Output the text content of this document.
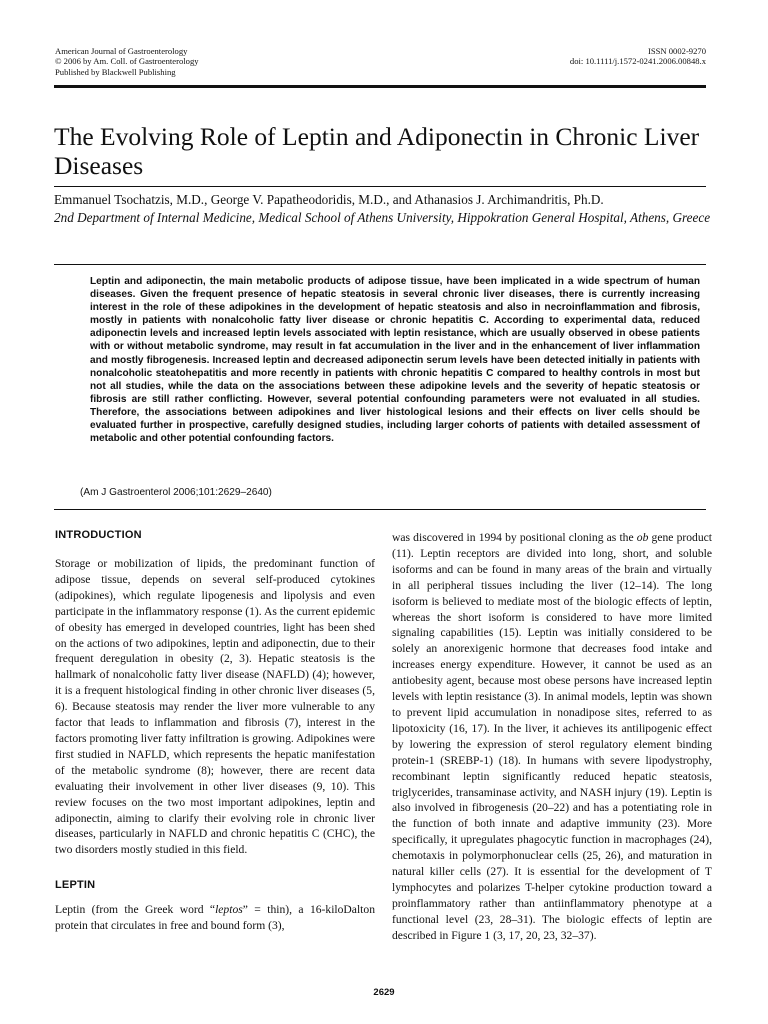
American Journal of Gastroenterology
© 2006 by Am. Coll. of Gastroenterology
Published by Blackwell Publishing
ISSN 0002-9270
doi: 10.1111/j.1572-0241.2006.00848.x
The Evolving Role of Leptin and Adiponectin in Chronic Liver Diseases
Emmanuel Tsochatzis, M.D., George V. Papatheodoridis, M.D., and Athanasios J. Archimandritis, Ph.D.
2nd Department of Internal Medicine, Medical School of Athens University, Hippokration General Hospital, Athens, Greece
Leptin and adiponectin, the main metabolic products of adipose tissue, have been implicated in a wide spectrum of human diseases. Given the frequent presence of hepatic steatosis in several chronic liver diseases, there is currently increasing interest in the role of these adipokines in the development of hepatic steatosis and also in necroinflammation and fibrosis, mostly in patients with nonalcoholic fatty liver disease or chronic hepatitis C. According to experimental data, reduced adiponectin levels and increased leptin levels associated with leptin resistance, which are usually observed in obese patients with or without metabolic syndrome, may result in fat accumulation in the liver and in the enhancement of liver inflammation and mostly fibrogenesis. Increased leptin and decreased adiponectin serum levels have been detected initially in patients with nonalcoholic steatohepatitis and more recently in patients with chronic hepatitis C compared to healthy controls in most but not all studies, while the data on the associations between these adipokine levels and the severity of hepatic steatosis or fibrosis are still rather conflicting. However, several potential confounding parameters were not evaluated in all studies. Therefore, the associations between adipokines and liver histological lesions and their effects on liver cells should be evaluated further in prospective, carefully designed studies, including larger cohorts of patients with detailed assessment of metabolic and other potential confounding factors.
(Am J Gastroenterol 2006;101:2629–2640)
INTRODUCTION

Storage or mobilization of lipids, the predominant function of adipose tissue, depends on several self-produced cytokines (adipokines), which regulate lipogenesis and lipolysis and even participate in the inflammatory response (1). As the current epidemic of obesity has emerged in developed countries, light has been shed on the actions of two adipokines, leptin and adiponectin, due to their frequent deregulation in obesity (2, 3). Hepatic steatosis is the hallmark of nonalcoholic fatty liver disease (NAFLD) (4); however, it is a frequent histological finding in other chronic liver diseases (5, 6). Because steatosis may render the liver more vulnerable to any factor that leads to inflammation and fibrosis (7), interest in the factors promoting liver fatty infiltration is growing. Adipokines were first studied in NAFLD, which represents the hepatic manifestation of the metabolic syndrome (8); however, there are recent data evaluating their involvement in other liver diseases (9, 10). This review focuses on the two most important adipokines, leptin and adiponectin, aiming to clarify their evolving role in chronic liver diseases, particularly in NAFLD and chronic hepatitis C (CHC), the two disorders mostly studied in this field.

LEPTIN

Leptin (from the Greek word “leptos” = thin), a 16-kiloDalton protein that circulates in free and bound form (3),

was discovered in 1994 by positional cloning as the ob gene product (11). Leptin receptors are divided into long, short, and soluble isoforms and can be found in many areas of the brain and virtually in all peripheral tissues including the liver (12–14). The long isoform is believed to mediate most of the biologic effects of leptin, whereas the short isoform is considered to have more limited signaling capabilities (15). Leptin was initially considered to be solely an anorexigenic hormone that decreases food intake and increases energy expenditure. However, it cannot be used as an antiobesity agent, because most obese persons have increased leptin levels with leptin resistance (3). In animal models, leptin was shown to prevent lipid accumulation in nonadipose sites, referred to as lipotoxicity (16, 17). In the liver, it achieves its antilipogenic effect by lowering the expression of sterol regulatory element binding protein-1 (SREBP-1) (18). In humans with severe lipodystrophy, recombinant leptin significantly reduced hepatic steatosis, triglycerides, transaminase activity, and NASH injury (19). Leptin is also involved in fibrogenesis (20–22) and has a potentiating role in the function of both innate and adaptive immunity (23). More specifically, it upregulates phagocytic function in macrophages (24), chemotaxis in polymorphonuclear cells (25, 26), and maturation in natural killer cells (27). It is essential for the development of T lymphocytes and polarizes T-helper cytokine production toward a proinflammatory rather than antiinflammatory phenotype at a functional level (23, 28–31). The biologic effects of leptin are described in Figure 1 (3, 17, 20, 23, 32–37).

2629
